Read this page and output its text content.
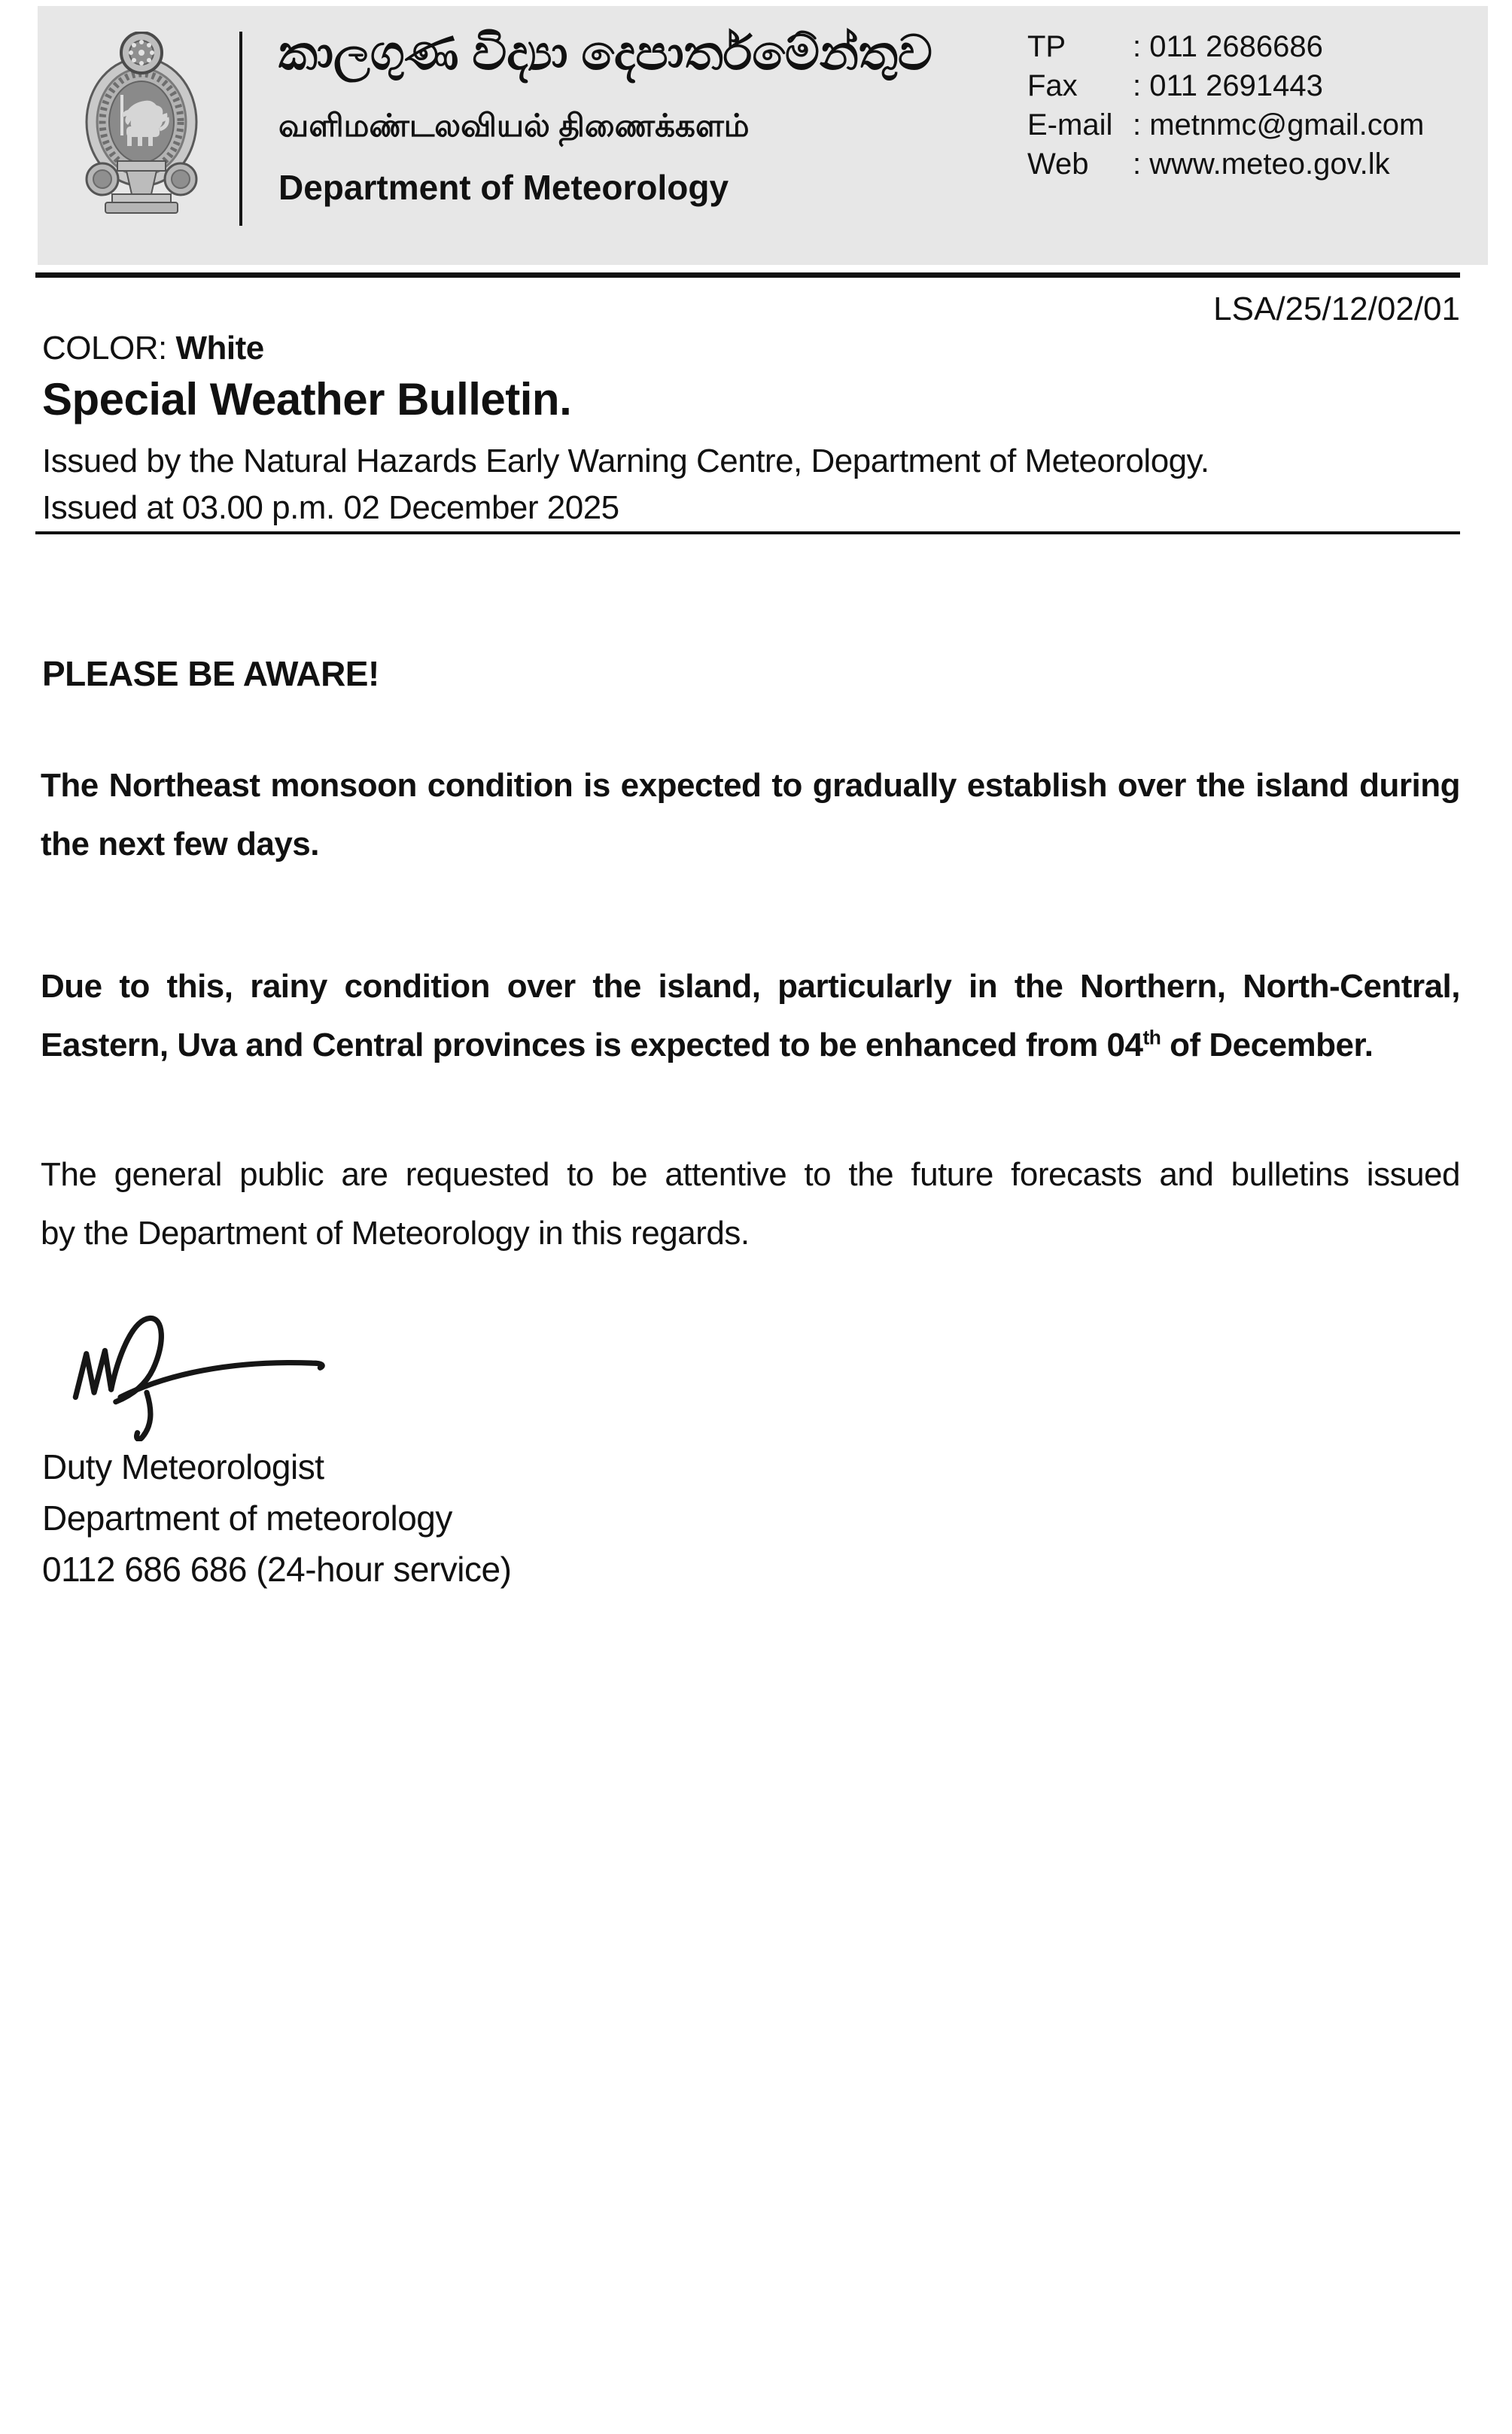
කාලගුණ විද්‍යා දෙපාර්තමේන්තුව
வளிமண்டலவியல் திணைக்களம்
Department of Meteorology
TP	: 011 2686686
Fax	: 011 2691443
E-mail : metnmc@gmail.com
Web	: www.meteo.gov.lk
LSA/25/12/02/01
COLOR: White
Special Weather Bulletin.
Issued by the Natural Hazards Early Warning Centre, Department of Meteorology.
Issued at 03.00 p.m. 02 December 2025
PLEASE BE AWARE!
The Northeast monsoon condition is expected to gradually establish over the island during
the next few days.
Due to this, rainy condition over the island, particularly in the Northern, North-Central,
Eastern, Uva and Central provinces is expected to be enhanced from 04th of December.
The general public are requested to be attentive to the future forecasts and bulletins issued
by the Department of Meteorology in this regards.
Duty Meteorologist
Department of meteorology
0112 686 686 (24-hour service)
